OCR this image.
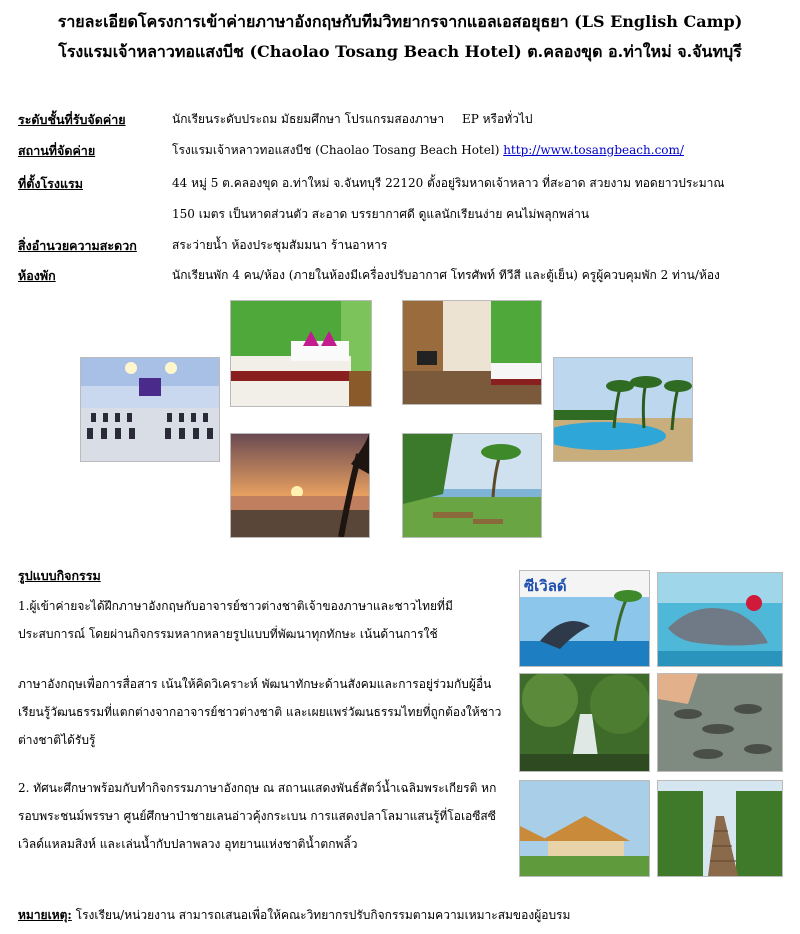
รายละเอียดโครงการเข้าค่ายภาษาอังกฤษกับทีมวิทยากรจากแอลเอสอยุธยา (LS English Camp)
โรงแรมเจ้าหลาวทอแสงบีช (Chaolao Tosang Beach Hotel) ต.คลองขุด อ.ท่าใหม่ จ.จันทบุรี
ระดับชั้นที่รับจัดค่าย	นักเรียนระดับประถม มัธยมศึกษา โปรแกรมสองภาษา EP หรือทั่วไป
สถานที่จัดค่าย	โรงแรมเจ้าหลาวทอแสงบีช (Chaolao Tosang Beach Hotel) http://www.tosangbeach.com/
ที่ตั้งโรงแรม	44 หมู่ 5 ต.คลองขุด อ.ท่าใหม่ จ.จันทบุรี 22120 ตั้งอยู่ริมหาดเจ้าหลาว ที่สะอาด สวยงาม ทอดยาวประมาณ
150 เมตร เป็นหาดส่วนตัว สะอาด บรรยากาศดี ดูแลนักเรียนง่าย คนไม่พลุกพล่าน
สิ่งอำนวยความสะดวก	สระว่ายน้ำ ห้องประชุมสัมมนา ร้านอาหาร
ห้องพัก	นักเรียนพัก 4 คน/ห้อง (ภายในห้องมีเครื่องปรับอากาศ โทรศัพท์ ทีวีสี และตู้เย็น) ครูผู้ควบคุมพัก 2 ท่าน/ห้อง
รูปแบบกิจกรรม
1.ผู้เข้าค่ายจะได้ฝึกภาษาอังกฤษกับอาจารย์ชาวต่างชาติเจ้าของภาษาและชาวไทยที่มีประสบการณ์ โดยผ่านกิจกรรมหลากหลายรูปแบบที่พัฒนาทุกทักษะ เน้นด้านการใช้
ภาษาอังกฤษเพื่อการสื่อสาร เน้นให้คิดวิเคราะห์ พัฒนาทักษะด้านสังคมและการอยู่ร่วมกับผู้อื่น เรียนรู้วัฒนธรรมที่แตกต่างจากอาจารย์ชาวต่างชาติ และเผยแพร่วัฒนธรรมไทยที่ถูกต้องให้ชาวต่างชาติได้รับรู้
2. ทัศนะศึกษาพร้อมกับทำกิจกรรมภาษาอังกฤษ ณ สถานแสดงพันธ์สัตว์น้ำเฉลิมพระเกียรติ หกรอบพระชนม์พรรษา ศูนย์ศึกษาป่าชายเลนอ่าวคุ้งกระเบน การแสดงปลาโลมาแสนรู้ที่โอเอซีสซีเวิลด์แหลมสิงห์ และเล่นน้ำกับปลาพลวง อุทยานแห่งชาติน้ำตกพลิ้ว
ซีเวิลด์
หมายเหตุ: โรงเรียน/หน่วยงาน สามารถเสนอเพื่อให้คณะวิทยากรปรับกิจกรรมตามความเหมาะสมของผู้อบรม
